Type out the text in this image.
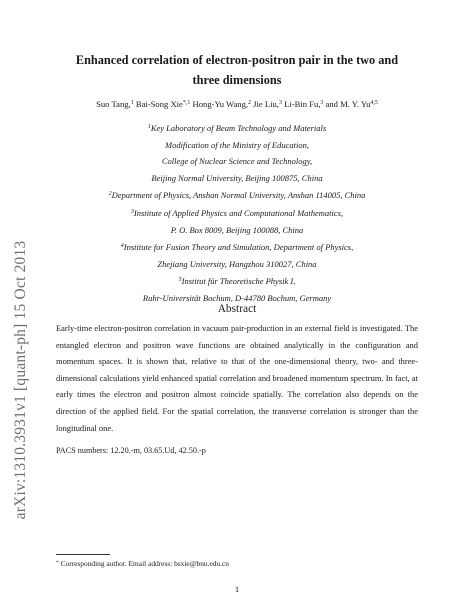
arXiv:1310.3931v1 [quant-ph] 15 Oct 2013
Enhanced correlation of electron-positron pair in the two and
three dimensions
Suo Tang,$^1$ Bai-Song Xie$^{*,1}$ Hong-Yu Wang,$^2$ Jie Liu,$^3$ Li-Bin Fu,$^3$ and M. Y. Yu$^{4,5}$
$^1$Key Laboratory of Beam Technology and Materials
Modification of the Ministry of Education,
College of Nuclear Science and Technology,
Beijing Normal University, Beijing 100875, China
$^2$Department of Physics, Anshan Normal University, Anshan 114005, China
$^3$Institute of Applied Physics and Computational Mathematics,
P. O. Box 8009, Beijing 100088, China
$^4$Institute for Fusion Theory and Simulation, Department of Physics,
Zhejiang University, Hangzhou 310027, China
$^5$Institut für Theoretische Physik I,
Ruhr-Universität Bochum, D-44780 Bochum, Germany
Abstract
Early-time electron-positron correlation in vacuum pair-production in an external field is investigated. The entangled electron and positron wave functions are obtained analytically in the configuration and momentum spaces. It is shown that, relative to that of the one-dimensional theory, two- and three-dimensional calculations yield enhanced spatial correlation and broadened momentum spectrum. In fact, at early times the electron and positron almost coincide spatially. The correlation also depends on the direction of the applied field. For the spatial correlation, the transverse correlation is stronger than the longitudinal one.
PACS numbers: 12.20.-m, 03.65.Ud, 42.50.-p
* Corresponding author. Email address: bsxie@bnu.edu.cn
1
